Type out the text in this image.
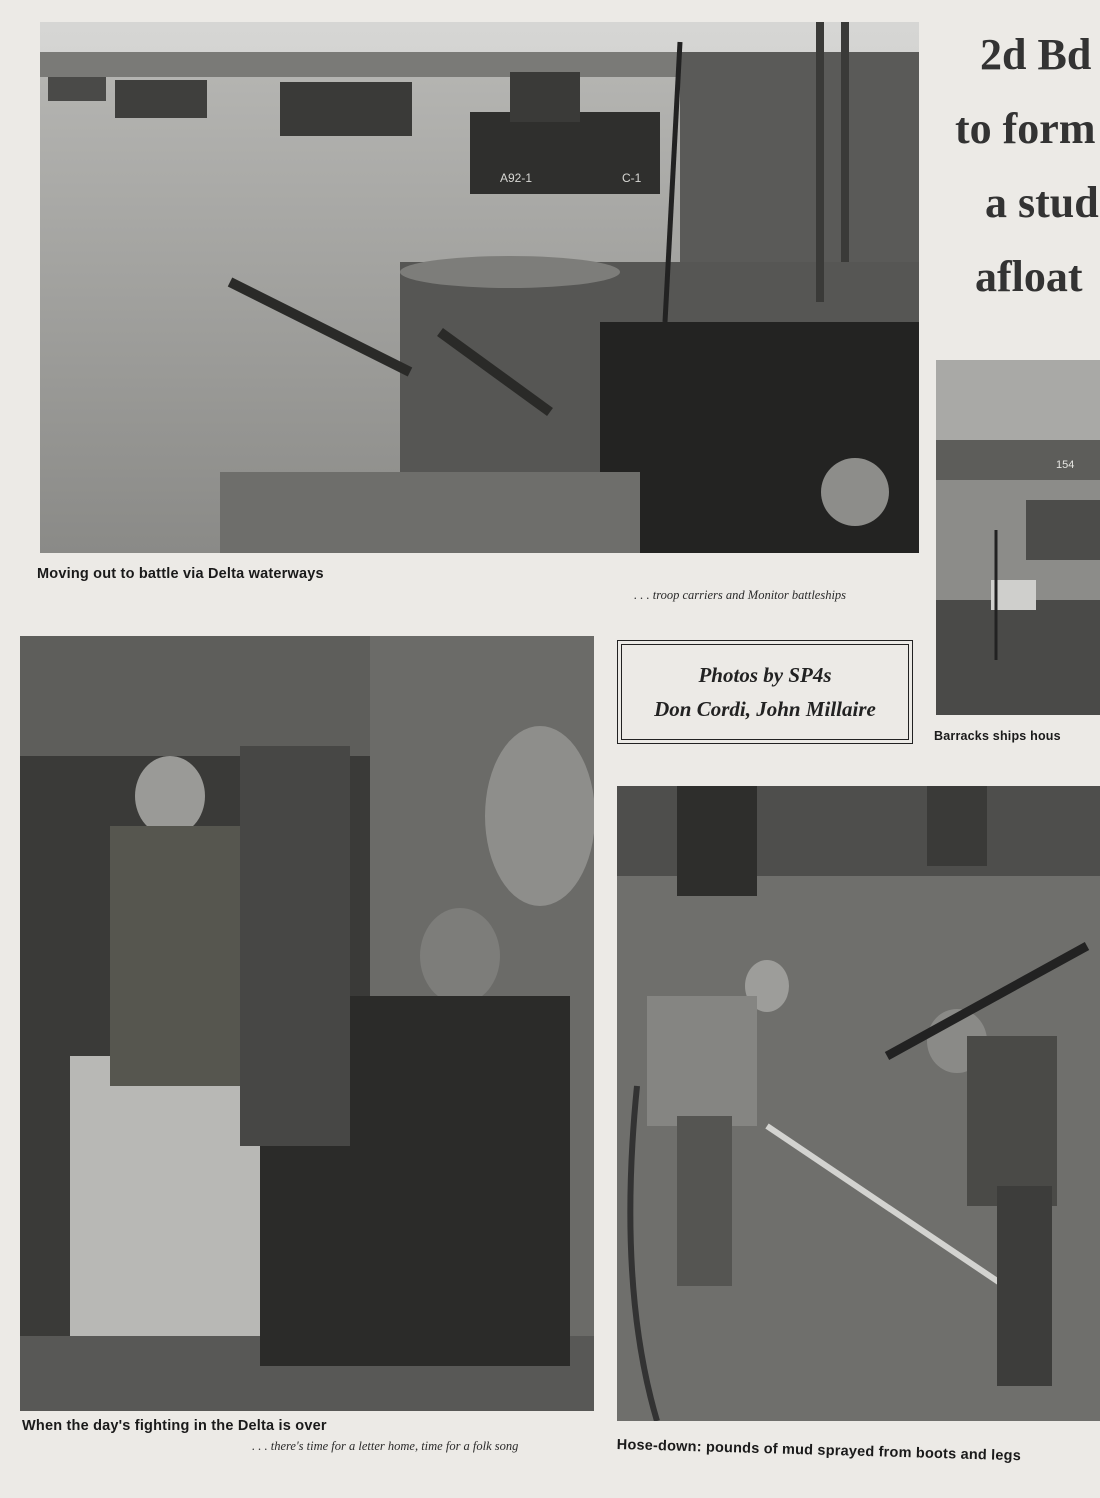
A92-1	C-1
2d Bd
to form
a stud
afloat
Moving out to battle via Delta waterways
. . . troop carriers and Monitor battleships
154
Barracks ships hous
Photos by SP4s
Don Cordi, John Millaire
When the day's fighting in the Delta is over
. . . there's time for a letter home, time for a folk song	Hose-down: pounds of mud sprayed from boots and legs
